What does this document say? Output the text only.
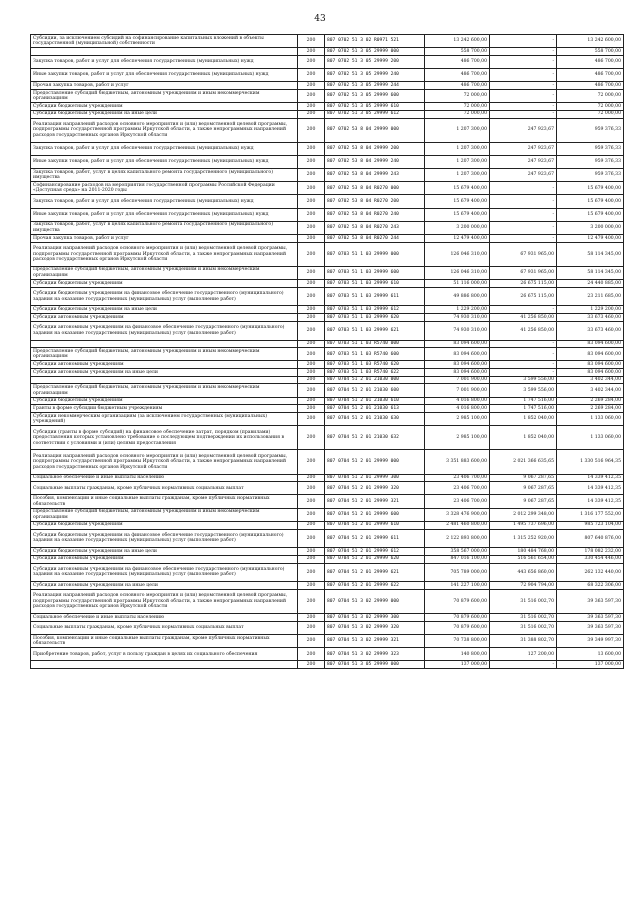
43
Субсидии, за исключением субсидий на софинансирование капитальных вложений в объекты государственной (муниципальной) собственности	200	807 0702 51 3 02 R0971 521	13 242 600,00	-	13 242 600,00
	200	807 0702 51 3 05 29999 000	558 700,00	-	558 700,00
Закупка товаров, работ и услуг для обеспечения государственных (муниципальных) нужд	200	807 0702 51 3 05 29999 200	486 700,00	-	486 700,00
Иные закупки товаров, работ и услуг для обеспечения государственных (муниципальных) нужд	200	807 0702 51 3 05 29999 240	486 700,00	-	486 700,00
Прочая закупка товаров, работ и услуг	200	807 0702 51 3 05 29999 244	486 700,00	-	486 700,00
Предоставление субсидий бюджетным, автономным учреждениям и иным некоммерческим организациям	200	807 0702 51 3 05 29999 600	72 000,00	-	72 000,00
Субсидии бюджетным учреждениям	200	807 0702 51 3 05 29999 610	72 000,00	-	72 000,00
Субсидии бюджетным учреждениям на иные цели	200	807 0702 51 3 05 29999 612	72 000,00	-	72 000,00
Реализация направлений расходов основного мероприятия и (или) ведомственной целевой программы, подпрограммы государственной программы Иркутской области, а также непрограммных направлений расходов государственных органов Иркутской области	200	807 0702 53 8 04 29999 000	1 207 300,00	247 923,67	959 376,33
Закупка товаров, работ и услуг для обеспечения государственных (муниципальных) нужд	200	807 0702 53 8 04 29999 200	1 207 300,00	247 923,67	959 376,33
Иные закупки товаров, работ и услуг для обеспечения государственных (муниципальных) нужд	200	807 0702 53 8 04 29999 240	1 207 300,00	247 923,67	959 376,33
Закупка товаров, работ, услуг в целях капитального ремонта государственного (муниципального) имущества	200	807 0702 53 8 04 29999 243	1 207 300,00	247 923,67	959 376,33
Софинансирование расходов на мероприятия государственной программы Российской Федерации «Доступная среда» на 2011-2020 годы	200	807 0702 53 8 04 R0270 000	15 679 400,00	-	15 679 400,00
Закупка товаров, работ и услуг для обеспечения государственных (муниципальных) нужд	200	807 0702 53 8 04 R0270 200	15 679 400,00	-	15 679 400,00
Иные закупки товаров, работ и услуг для обеспечения государственных (муниципальных) нужд	200	807 0702 53 8 04 R0270 240	15 679 400,00	-	15 679 400,00
Закупка товаров, работ, услуг в целях капитального ремонта государственного (муниципального) имущества	200	807 0702 53 8 04 R0270 243	3 200 000,00	-	3 200 000,00
Прочая закупка товаров, работ и услуг	200	807 0702 53 8 04 R0270 244	12 479 400,00	-	12 479 400,00
Реализация направлений расходов основного мероприятия и (или) ведомственной целевой программы, подпрограммы государственной программы Иркутской области, а также непрограммных направлений расходов государственных органов Иркутской области	200	807 0703 51 1 03 29999 000	126 046 310,00	67 931 965,00	58 114 345,00
Предоставление субсидий бюджетным, автономным учреждениям и иным некоммерческим организациям	200	807 0703 51 1 03 29999 600	126 046 310,00	67 931 965,00	58 114 345,00
Субсидии бюджетным учреждениям	200	807 0703 51 1 03 29999 610	51 116 000,00	26 675 115,00	24 440 885,00
Субсидии бюджетным учреждениям на финансовое обеспечение государственного (муниципального) задания на оказание государственных (муниципальных) услуг (выполнение работ)	200	807 0703 51 1 03 29999 611	49 886 800,00	26 675 115,00	23 211 685,00
Субсидии бюджетным учреждениям на иные цели	200	807 0703 51 1 03 29999 612	1 229 200,00	-	1 229 200,00
Субсидии автономным учреждениям	200	807 0703 51 1 03 29999 620	74 930 310,00	41 256 850,00	33 673 460,00
Субсидии автономным учреждениям на финансовое обеспечение государственного (муниципального) задания на оказание государственных (муниципальных) услуг (выполнение работ)	200	807 0703 51 1 03 29999 621	74 930 310,00	41 256 850,00	33 673 460,00
	200	807 0703 51 1 03 R5740 000	83 094 600,00	-	83 094 600,00
Предоставление субсидий бюджетным, автономным учреждениям и иным некоммерческим организациям	200	807 0703 51 1 03 R5740 600	83 094 600,00	-	83 094 600,00
Субсидии автономным учреждениям	200	807 0703 51 1 03 R5740 620	83 094 600,00	-	83 094 600,00
Субсидии автономным учреждениям на иные цели	200	807 0703 51 1 03 R5740 622	83 094 600,00	-	83 094 600,00
	200	807 0704 51 2 01 21030 000	7 001 900,00	3 599 556,00	3 402 344,00
Предоставление субсидий бюджетным, автономным учреждениям и иным некоммерческим организациям	200	807 0704 51 2 01 21030 600	7 001 900,00	3 599 556,00	3 402 344,00
Субсидии бюджетным учреждениям	200	807 0704 51 2 01 21030 610	4 016 800,00	1 747 516,00	2 269 284,00
Гранты в форме субсидии бюджетным учреждениям	200	807 0704 51 2 01 21030 613	4 016 800,00	1 747 516,00	2 269 284,00
Субсидии некоммерческим организациям (за исключением государственных (муниципальных) учреждений)	200	807 0704 51 2 01 21030 630	2 985 100,00	1 852 040,00	1 133 060,00
Субсидии (гранты в форме субсидий) на финансовое обеспечение затрат, порядком (правилами) предоставления которых установлено требование о последующем подтверждении их использования в соответствии с условиями и (или) целями предоставления	200	807 0704 51 2 01 21030 632	2 985 100,00	1 852 040,00	1 133 060,00
Реализация направлений расходов основного мероприятия и (или) ведомственной целевой программы, подпрограммы государственной программы Иркутской области, а также непрограммных направлений расходов государственных органов Иркутской области	200	807 0704 51 2 01 29999 000	3 351 883 600,00	2 021 366 635,65	1 330 516 964,35
Социальное обеспечение и иные выплаты населению	200	807 0704 51 2 01 29999 300	23 406 700,00	9 067 287,65	14 339 412,35
Социальные выплаты гражданам, кроме публичных нормативных социальных выплат	200	807 0704 51 2 01 29999 320	23 406 700,00	9 067 287,65	14 339 412,35
Пособия, компенсации и иные социальные выплаты гражданам, кроме публичных нормативных обязательств	200	807 0704 51 2 01 29999 321	23 406 700,00	9 067 287,65	14 339 412,35
Предоставление субсидий бюджетным, автономным учреждениям и иным некоммерческим организациям	200	807 0704 51 2 01 29999 600	3 328 476 900,00	2 012 299 348,00	1 316 177 552,00
Субсидии бюджетным учреждениям	200	807 0704 51 2 01 29999 610	2 481 460 800,00	1 495 737 696,00	985 723 104,00
Субсидии бюджетным учреждениям на финансовое обеспечение государственного (муниципального) задания на оказание государственных (муниципальных) услуг (выполнение работ)	200	807 0704 51 2 01 29999 611	2 122 893 800,00	1 315 252 920,00	807 640 876,00
Субсидии бюджетным учреждениям на иные цели	200	807 0704 51 2 01 29999 612	358 567 000,00	180 484 768,00	178 082 232,00
Субсидии автономным учреждениям	200	807 0704 51 2 01 29999 620	847 016 100,00	516 561 654,00	330 454 446,00
Субсидии автономным учреждениям на финансовое обеспечение государственного (муниципального) задания на оказание государственных (муниципальных) услуг (выполнение работ)	200	807 0704 51 2 01 29999 621	705 789 000,00	443 656 860,00	262 132 440,00
Субсидии автономным учреждениям на иные цели	200	807 0704 51 2 01 29999 622	141 227 100,00	72 904 794,00	68 322 306,00
Реализация направлений расходов основного мероприятия и (или) ведомственной целевой программы, подпрограммы государственной программы Иркутской области, а также непрограммных направлений расходов государственных органов Иркутской области	200	807 0704 51 3 02 29999 000	70 879 600,00	31 516 002,70	39 363 597,30
Социальное обеспечение и иные выплаты населению	200	807 0704 51 3 02 29999 300	70 879 600,00	31 516 002,70	39 363 597,30
Социальные выплаты гражданам, кроме публичных нормативных социальных выплат	200	807 0704 51 3 02 29999 320	70 879 600,00	31 516 002,70	39 363 597,30
Пособия, компенсации и иные социальные выплаты гражданам, кроме публичных нормативных обязательств	200	807 0704 51 3 02 29999 321	70 738 800,00	31 388 802,70	39 349 997,30
Приобретение товаров, работ, услуг в пользу граждан в целях их социального обеспечения	200	807 0704 51 3 02 29999 323	140 800,00	127 200,00	13 600,00
	200	807 0704 51 3 05 29999 000	137 000,00	-	137 000,00
